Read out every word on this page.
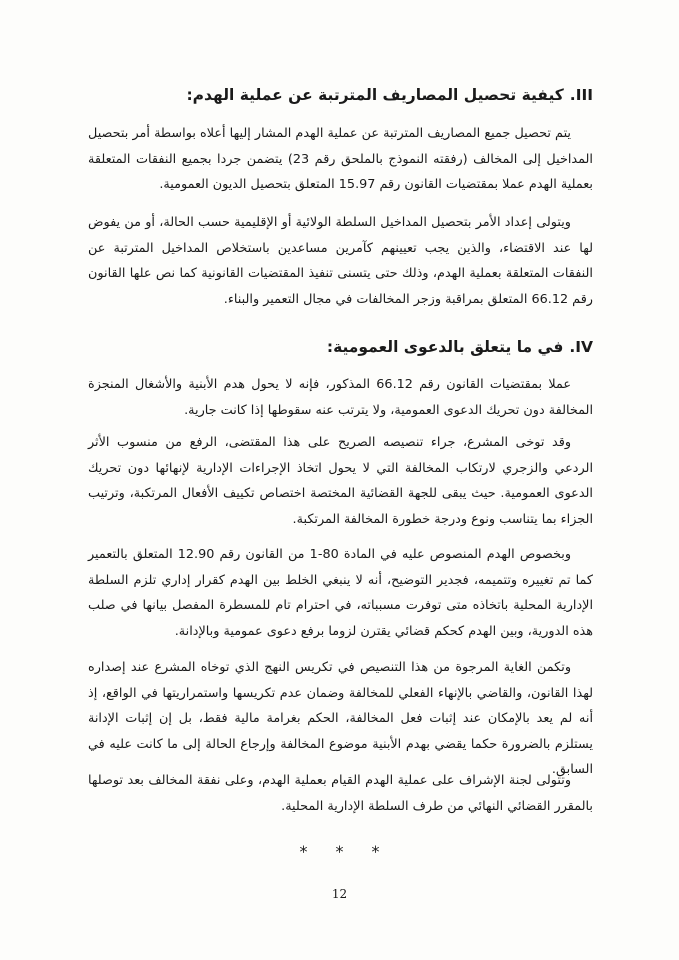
III.كيفية تحصيل المصاريف المترتبة عن عملية الهدم:

يتم تحصيل جميع المصاريف المترتبة عن عملية الهدم المشار إليها أعلاه بواسطة أمر بتحصيل المداخيل إلى المخالف (رفقته النموذج بالملحق رقم 23) يتضمن جردا بجميع النفقات المتعلقة بعملية الهدم عملا بمقتضيات القانون رقم 15.97 المتعلق بتحصيل الديون العمومية.

ويتولى إعداد الأمر بتحصيل المداخيل السلطة الولائية أو الإقليمية حسب الحالة، أو من يفوض لها عند الاقتضاء، والذين يجب تعيينهم كآمرين مساعدين باستخلاص المداخيل المترتبة عن النفقات المتعلقة بعملية الهدم، وذلك حتى يتسنى تنفيذ المقتضيات القانونية كما نص علها القانون رقم 66.12 المتعلق بمراقبة وزجر المخالفات في مجال التعمير والبناء.

IV.في ما يتعلق بالدعوى العمومية:

عملا بمقتضيات القانون رقم 66.12 المذكور، فإنه لا يحول هدم الأبنية والأشغال المنجزة المخالفة دون تحريك الدعوى العمومية، ولا يترتب عنه سقوطها إذا كانت جارية.

وقد توخى المشرع، جراء تنصيصه الصريح على هذا المقتضى، الرفع من منسوب الأثر الردعي والزجري لارتكاب المخالفة التي لا يحول اتخاذ الإجراءات الإدارية لإنهائها دون تحريك الدعوى العمومية. حيث يبقى للجهة القضائية المختصة اختصاص تكييف الأفعال المرتكبة، وترتيب الجزاء بما يتناسب ونوع ودرجة خطورة المخالفة المرتكبة.

وبخصوص الهدم المنصوص عليه في المادة 80-1 من القانون رقم 12.90 المتعلق بالتعمير كما تم تغييره وتتميمه، فجدير التوضيح، أنه لا ينبغي الخلط بين الهدم كقرار إداري تلزم السلطة الإدارية المحلية باتخاذه متى توفرت مسبباته، في احترام تام للمسطرة المفصل بيانها في صلب هذه الدورية، وبين الهدم كحكم قضائي يقترن لزوما برفع دعوى عمومية وبالإدانة.

وتكمن الغاية المرجوة من هذا التنصيص في تكريس النهج الذي توخاه المشرع عند إصداره لهذا القانون، والقاضي بالإنهاء الفعلي للمخالفة وضمان عدم تكريسها واستمراريتها في الواقع، إذ أنه لم يعد بالإمكان عند إثبات فعل المخالفة، الحكم بغرامة مالية فقط، بل إن إثبات الإدانة يستلزم بالضرورة حكما يقضي بهدم الأبنية موضوع المخالفة وإرجاع الحالة إلى ما كانت عليه في السابق.

وتتولى لجنة الإشراف على عملية الهدم القيام بعملية الهدم، وعلى نفقة المخالف بعد توصلها بالمقرر القضائي النهائي من طرف السلطة الإدارية المحلية.

* * *
12
